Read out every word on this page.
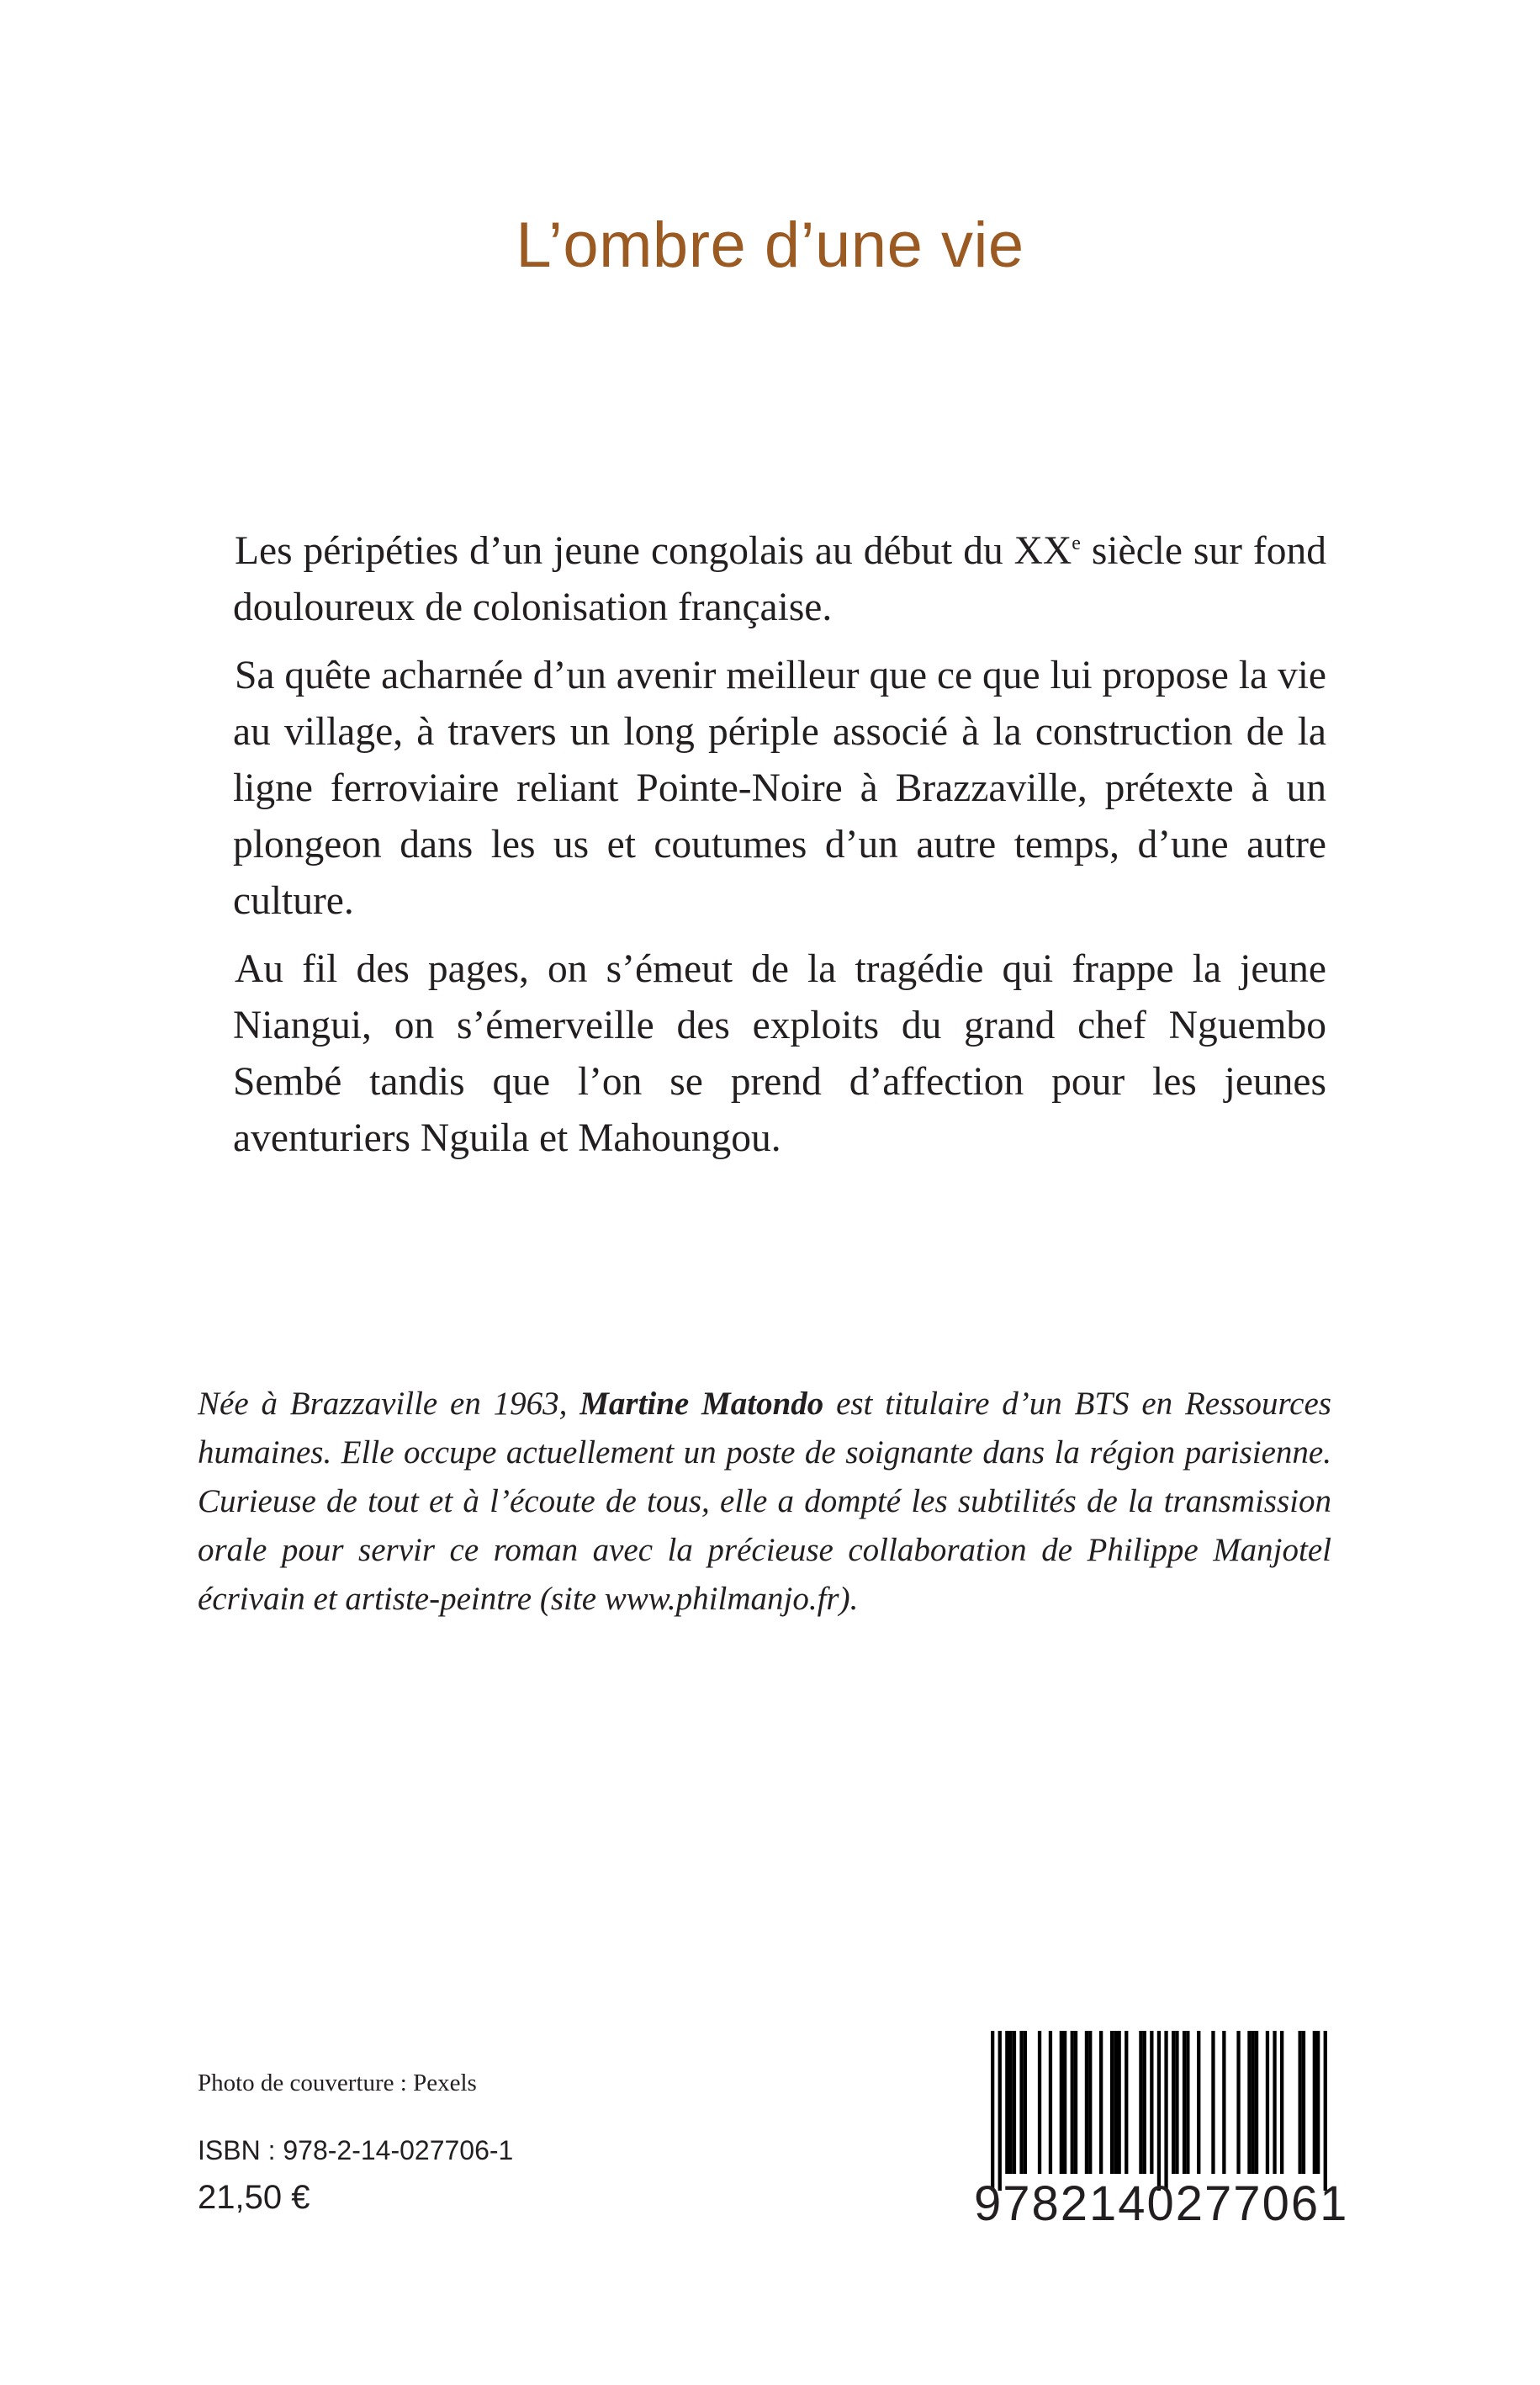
L’ombre d’une vie

Les péripéties d’un jeune congolais au début du XXe siècle sur fond douloureux de colonisation française.

Sa quête acharnée d’un avenir meilleur que ce que lui propose la vie au village, à travers un long périple associé à la construction de la ligne ferroviaire reliant Pointe-Noire à Brazzaville, prétexte à un plongeon dans les us et coutumes d’un autre temps, d’une autre culture.

Au fil des pages, on s’émeut de la tragédie qui frappe la jeune Niangui, on s’émerveille des exploits du grand chef Nguembo Sembé tandis que l’on se prend d’affection pour les jeunes aventuriers Nguila et Mahoungou.

Née à Brazzaville en 1963, Martine Matondo est titulaire d’un BTS en Ressources humaines. Elle occupe actuellement un poste de soignante dans la région parisienne. Curieuse de tout et à l’écoute de tous, elle a dompté les subtilités de la transmission orale pour servir ce roman avec la précieuse collaboration de Philippe Manjotel écrivain et artiste-peintre (site www.philmanjo.fr).

Photo de couverture : Pexels

ISBN : 978-2-14-027706-1

21,50 €	9782140277061
